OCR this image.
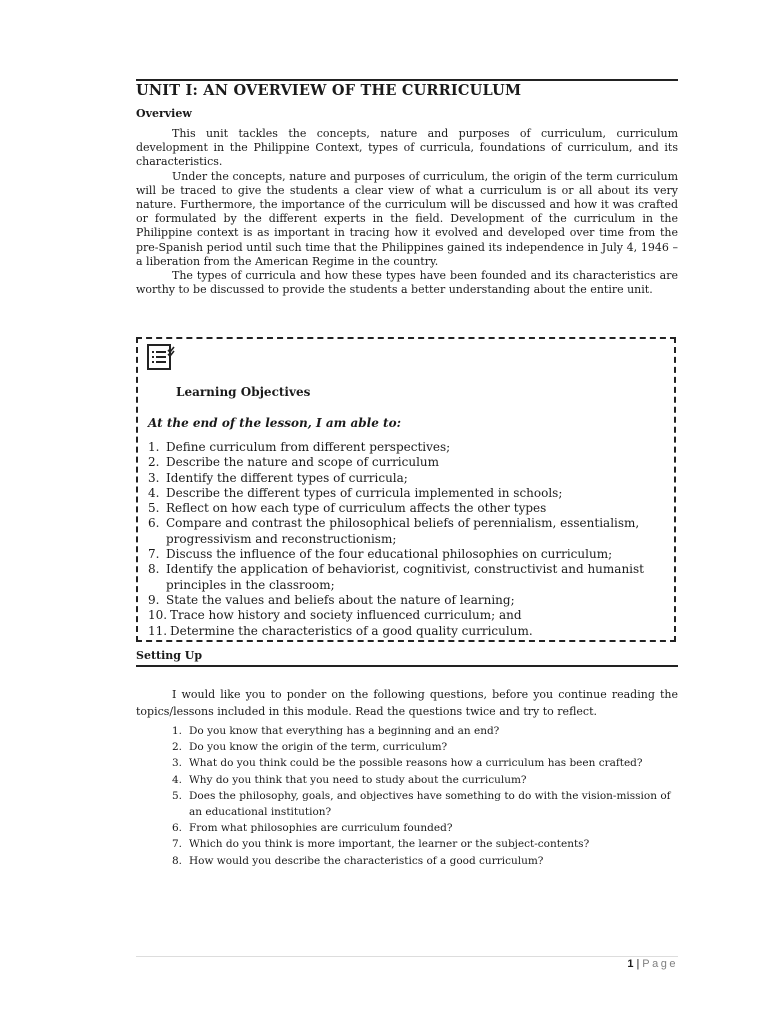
UNIT I: AN OVERVIEW OF THE CURRICULUM
Overview

This unit tackles the concepts, nature and purposes of curriculum, curriculum development in the Philippine Context, types of curricula, foundations of curriculum, and its characteristics.

Under the concepts, nature and purposes of curriculum, the origin of the term curriculum will be traced to give the students a clear view of what a curriculum is or all about its very nature. Furthermore, the importance of the curriculum will be discussed and how it was crafted or formulated by the different experts in the field. Development of the curriculum in the Philippine context is as important in tracing how it evolved and developed over time from the pre-Spanish period until such time that the Philippines gained its independence in July 4, 1946 – a liberation from the American Regime in the country.

The types of curricula and how these types have been founded and its characteristics are worthy to be discussed to provide the students a better understanding about the entire unit.

Learning Objectives
At the end of the lesson, I am able to:
1. Define curriculum from different perspectives;
2. Describe the nature and scope of curriculum
3. Identify the different types of curricula;
4. Describe the different types of curricula implemented in schools;
5. Reflect on how each type of curriculum affects the other types
6. Compare and contrast the philosophical beliefs of perennialism, essentialism, progressivism and reconstructionism;
7. Discuss the influence of the four educational philosophies on curriculum;
8. Identify the application of behaviorist, cognitivist, constructivist and humanist principles in the classroom;
9. State the values and beliefs about the nature of learning;
10. Trace how history and society influenced curriculum; and
11. Determine the characteristics of a good quality curriculum.
Setting Up

I would like you to ponder on the following questions, before you continue reading the topics/lessons included in this module. Read the questions twice and try to reflect.

1. Do you know that everything has a beginning and an end?
2. Do you know the origin of the term, curriculum?
3. What do you think could be the possible reasons how a curriculum has been crafted?
4. Why do you think that you need to study about the curriculum?
5. Does the philosophy, goals, and objectives have something to do with the vision-mission of an educational institution?
6. From what philosophies are curriculum founded?
7. Which do you think is more important, the learner or the subject-contents?
8. How would you describe the characteristics of a good curriculum?
1 | Page
